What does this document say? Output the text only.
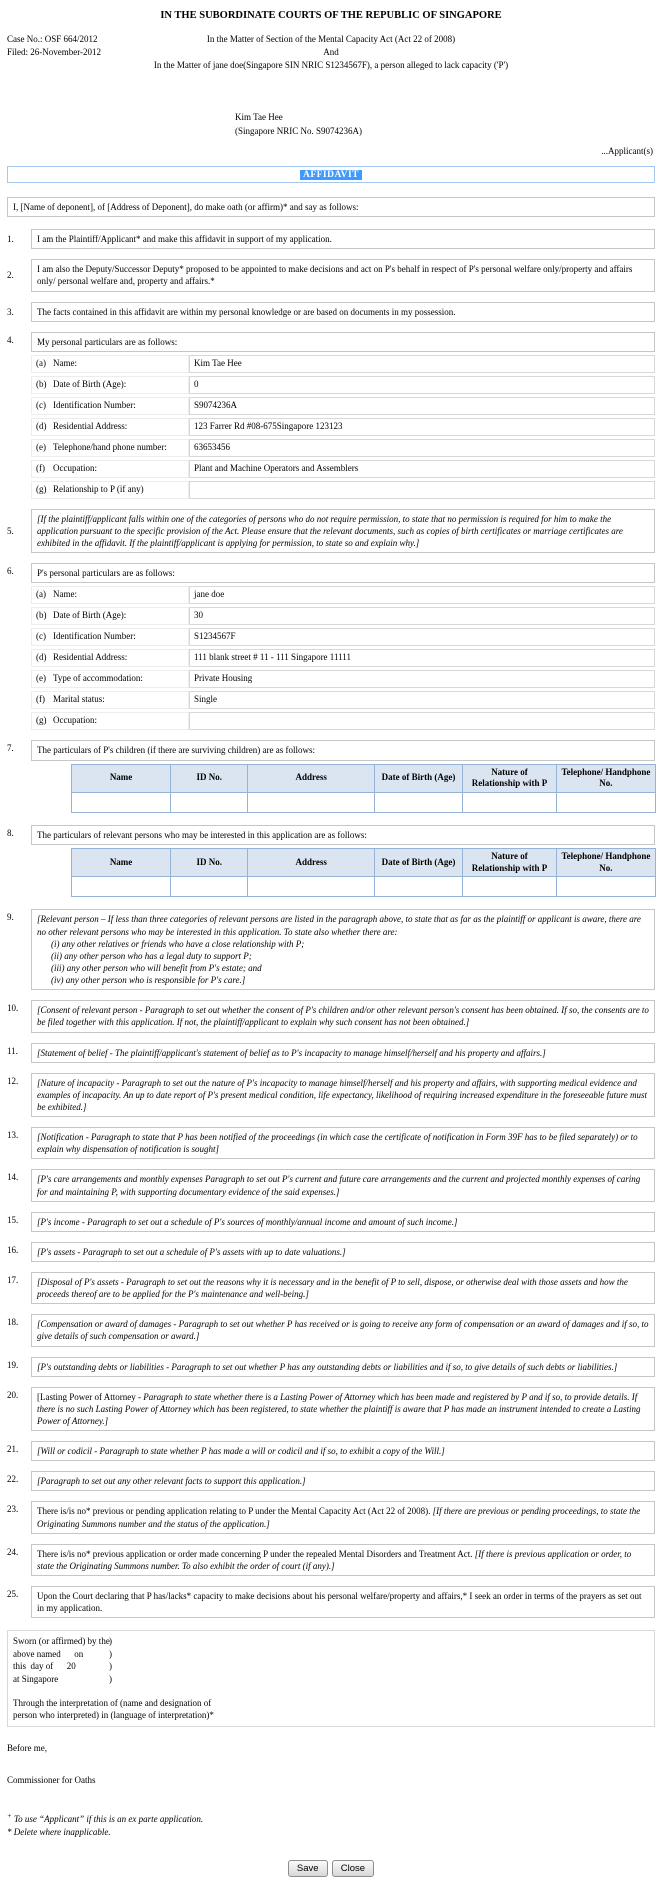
IN THE SUBORDINATE COURTS OF THE REPUBLIC OF SINGAPORE
Case No.: OSF 664/2012
Filed: 26-November-2012
In the Matter of Section of the Mental Capacity Act (Act 22 of 2008)
And
In the Matter of jane doe(Singapore SIN NRIC S1234567F), a person alleged to lack capacity ('P')
Kim Tae Hee
(Singapore NRIC No. S9074236A)
...Applicant(s)
AFFIDAVIT
I, [Name of deponent], of [Address of Deponent], do make oath (or affirm)* and say as follows:
1.	I am the Plaintiff/Applicant* and make this affidavit in support of my application.
2.
I am also the Deputy/Successor Deputy* proposed to be appointed to make decisions and act on P's behalf in respect of P's personal welfare only/property and affairs only/ personal welfare and, property and affairs.*
3.	The facts contained in this affidavit are within my personal knowledge or are based on documents in my possession.
4.	My personal particulars are as follows:
(a) Name:	Kim Tae Hee
(b) Date of Birth (Age):	0
(c) Identification Number:	S9074236A
(d) Residential Address:	123 Farrer Rd #08-675Singapore 123123
(e) Telephone/hand phone number:	63653456
(f) Occupation:	Plant and Machine Operators and Assemblers
(g) Relationship to P (if any)
5.
[If the plaintiff/applicant falls within one of the categories of persons who do not require permission, to state that no permission is required for him to make the application pursuant to the specific provision of the Act. Please ensure that the relevant documents, such as copies of birth certificates or marriage certificates are exhibited in the affidavit. If the plaintiff/applicant is applying for permission, to state so and explain why.]
6.	P's personal particulars are as follows:
(a) Name:	jane doe
(b) Date of Birth (Age):	30
(c) Identification Number:	S1234567F
(d) Residential Address:	111 blank street # 11 - 111 Singapore 11111
(e) Type of accommodation:	Private Housing
(f) Marital status:	Single
(g) Occupation:
7.	The particulars of P's children (if there are surviving children) are as follows:
Name	ID No.	Address	Date of Birth (Age)	Nature of Relationship with P	Telephone/ Handphone No.

8.	The particulars of relevant persons who may be interested in this application are as follows:
Name	ID No.	Address	Date of Birth (Age)	Nature of Relationship with P	Telephone/ Handphone No.

9.	[Relevant person – If less than three categories of relevant persons are listed in the paragraph above, to state that as far as the plaintiff or applicant is aware, there are no other relevant persons who may be interested in this application. To state also whether there are:
(i) any other relatives or friends who have a close relationship with P;
(ii) any other person who has a legal duty to support P;
(iii) any other person who will benefit from P's estate; and
(iv) any other person who is responsible for P's care.]
10.	[Consent of relevant person - Paragraph to set out whether the consent of P's children and/or other relevant person's consent has been obtained. If so, the consents are to be filed together with this application. If not, the plaintiff/applicant to explain why such consent has not been obtained.]
11.	[Statement of belief - The plaintiff/applicant's statement of belief as to P's incapacity to manage himself/herself and his property and affairs.]
12.	[Nature of incapacity - Paragraph to set out the nature of P's incapacity to manage himself/herself and his property and affairs, with supporting medical evidence and examples of incapacity. An up to date report of P's present medical condition, life expectancy, likelihood of requiring increased expenditure in the foreseeable future must be exhibited.]
13.	[Notification - Paragraph to state that P has been notified of the proceedings (in which case the certificate of notification in Form 39F has to be filed separately) or to explain why dispensation of notification is sought]
14.	[P's care arrangements and monthly expenses Paragraph to set out P's current and future care arrangements and the current and projected monthly expenses of caring for and maintaining P, with supporting documentary evidence of the said expenses.]
15.	[P's income - Paragraph to set out a schedule of P's sources of monthly/annual income and amount of such income.]
16.	[P's assets - Paragraph to set out a schedule of P's assets with up to date valuations.]
17.	[Disposal of P's assets - Paragraph to set out the reasons why it is necessary and in the benefit of P to sell, dispose, or otherwise deal with those assets and how the proceeds thereof are to be applied for the P's maintenance and well-being.]
18.	[Compensation or award of damages - Paragraph to set out whether P has received or is going to receive any form of compensation or an award of damages and if so, to give details of such compensation or award.]
19.	[P's outstanding debts or liabilities - Paragraph to set out whether P has any outstanding debts or liabilities and if so, to give details of such debts or liabilities.]
20.	[Lasting Power of Attorney - Paragraph to state whether there is a Lasting Power of Attorney which has been made and registered by P and if so, to provide details. If there is no such Lasting Power of Attorney which has been registered, to state whether the plaintiff is aware that P has made an instrument intended to create a Lasting Power of Attorney.]
21.	[Will or codicil - Paragraph to state whether P has made a will or codicil and if so, to exhibit a copy of the Will.]
22.	[Paragraph to set out any other relevant facts to support this application.]
23.	There is/is no* previous or pending application relating to P under the Mental Capacity Act (Act 22 of 2008). [If there are previous or pending proceedings, to state the Originating Summons number and the status of the application.]
24.	There is/is no* previous application or order made concerning P under the repealed Mental Disorders and Treatment Act. [If there is previous application or order, to state the Originating Summons number. To also exhibit the order of court (if any).]
25.	Upon the Court declaring that P has/lacks* capacity to make decisions about his personal welfare/property and affairs,* I seek an order in terms of the prayers as set out in my application.
Sworn (or affirmed) by the )
above named      on	)
this  day of      20	)
at Singapore	)
Through the interpretation of (name and designation of person who interpreted) in (language of interpretation)*
Before me,
Commissioner for Oaths
+ To use “Applicant” if this is an ex parte application.
* Delete where inapplicable.
Save Close
